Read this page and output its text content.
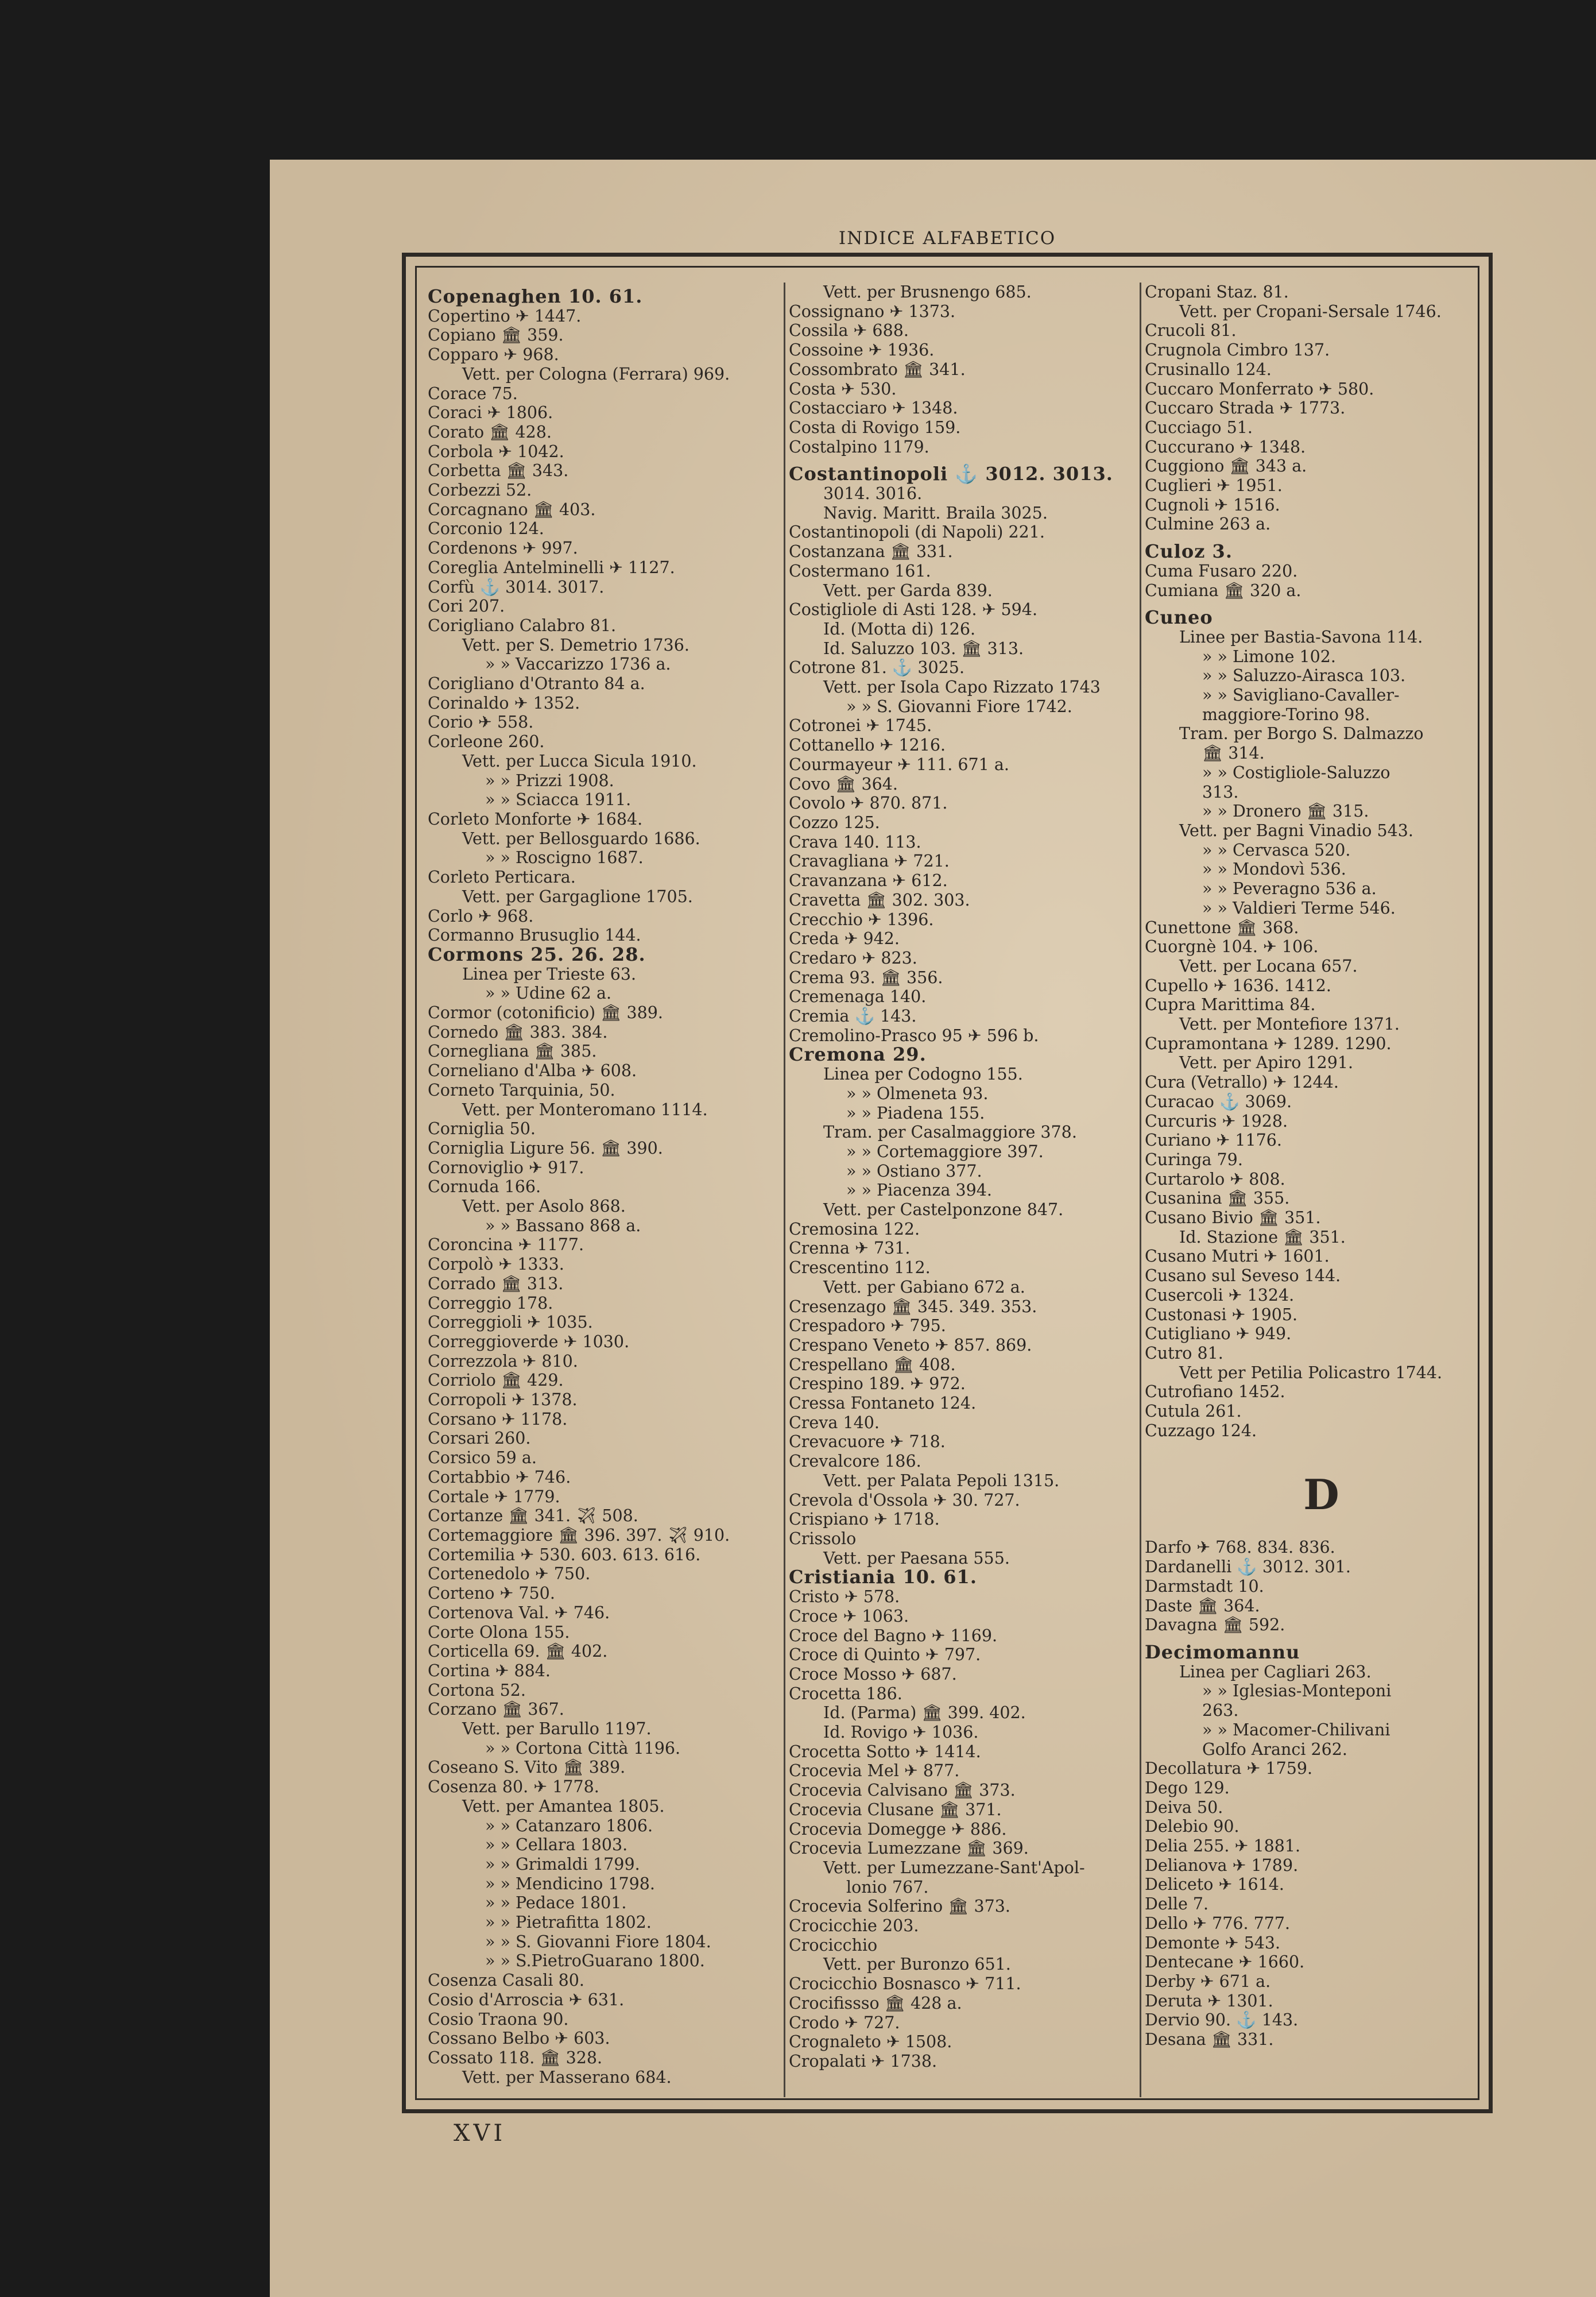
INDICE ALFABETICO
Copenaghen 10. 61.
Copertino ✈ 1447.
Copiano 🏛 359.
Copparo ✈ 968.
Vett. per Cologna (Ferrara) 969.
Corace 75.
Coraci ✈ 1806.
Corato 🏛 428.
Corbola ✈ 1042.
Corbetta 🏛 343.
Corbezzi 52.
Corcagnano 🏛 403.
Corconio 124.
Cordenons ✈ 997.
Coreglia Antelminelli ✈ 1127.
Corfù ⚓ 3014. 3017.
Cori 207.
Corigliano Calabro 81.
Vett. per S. Demetrio 1736.
» » Vaccarizzo 1736 a.
Corigliano d'Otranto 84 a.
Corinaldo ✈ 1352.
Corio ✈ 558.
Corleone 260.
Vett. per Lucca Sicula 1910.
» » Prizzi 1908.
» » Sciacca 1911.
Corleto Monforte ✈ 1684.
Vett. per Bellosguardo 1686.
» » Roscigno 1687.
Corleto Perticara.
Vett. per Gargaglione 1705.
Corlo ✈ 968.
Cormanno Brusuglio 144.
Cormons 25. 26. 28.
Linea per Trieste 63.
» » Udine 62 a.
Cormor (cotonificio) 🏛 389.
Cornedo 🏛 383. 384.
Cornegliana 🏛 385.
Corneliano d'Alba ✈ 608.
Corneto Tarquinia, 50.
Vett. per Monteromano 1114.
Corniglia 50.
Corniglia Ligure 56. 🏛 390.
Cornoviglio ✈ 917.
Cornuda 166.
Vett. per Asolo 868.
» » Bassano 868 a.
Coroncina ✈ 1177.
Corpolò ✈ 1333.
Corrado 🏛 313.
Correggio 178.
Correggioli ✈ 1035.
Correggioverde ✈ 1030.
Correzzola ✈ 810.
Corriolo 🏛 429.
Corropoli ✈ 1378.
Corsano ✈ 1178.
Corsari 260.
Corsico 59 a.
Cortabbio ✈ 746.
Cortale ✈ 1779.
Cortanze 🏛 341. ✈ 508.
Cortemaggiore 🏛 396. 397. ✈ 910.
Cortemilia ✈ 530. 603. 613. 616.
Cortenedolo ✈ 750.
Corteno ✈ 750.
Cortenova Val. ✈ 746.
Corte Olona 155.
Corticella 69. 🏛 402.
Cortina ✈ 884.
Cortona 52.
Corzano 🏛 367.
Vett. per Barullo 1197.
» » Cortona Città 1196.
Coseano S. Vito 🏛 389.
Cosenza 80. ✈ 1778.
Vett. per Amantea 1805.
» » Catanzaro 1806.
» » Cellara 1803.
» » Grimaldi 1799.
» » Mendicino 1798.
» » Pedace 1801.
» » Pietrafitta 1802.
» » S. Giovanni Fiore 1804.
» » S.PietroGuarano 1800.
Cosenza Casali 80.
Cosio d'Arroscia ✈ 631.
Cosio Traona 90.
Cossano Belbo ✈ 603.
Cossato 118. 🏛 328.
Vett. per Masserano 684.
Vett. per Brusnengo 685.
Cossignano ✈ 1373.
Cossila ✈ 688.
Cossoine ✈ 1936.
Cossombrato 🏛 341.
Costa ✈ 530.
Costacciaro ✈ 1348.
Costa di Rovigo 159.
Costalpino 1179.
Costantinopoli ⚓ 3012. 3013.
3014. 3016.
Navig. Maritt. Braila 3025.
Costantinopoli (di Napoli) 221.
Costanzana 🏛 331.
Costermano 161.
Vett. per Garda 839.
Costigliole di Asti 128. ✈ 594.
Id. (Motta di) 126.
Id. Saluzzo 103. 🏛 313.
Cotrone 81. ⚓ 3025.
Vett. per Isola Capo Rizzato 1743
» » S. Giovanni Fiore 1742.
Cotronei ✈ 1745.
Cottanello ✈ 1216.
Courmayeur ✈ 111. 671 a.
Covo 🏛 364.
Covolo ✈ 870. 871.
Cozzo 125.
Crava 140. 113.
Cravagliana ✈ 721.
Cravanzana ✈ 612.
Cravetta 🏛 302. 303.
Crecchio ✈ 1396.
Creda ✈ 942.
Credaro ✈ 823.
Crema 93. 🏛 356.
Cremenaga 140.
Cremia ⚓ 143.
Cremolino-Prasco 95 ✈ 596 b.
Cremona 29.
Linea per Codogno 155.
» » Olmeneta 93.
» » Piadena 155.
Tram. per Casalmaggiore 378.
» » Cortemaggiore 397.
» » Ostiano 377.
» » Piacenza 394.
Vett. per Castelponzone 847.
Cremosina 122.
Crenna ✈ 731.
Crescentino 112.
Vett. per Gabiano 672 a.
Cresenzago 🏛 345. 349. 353.
Crespadoro ✈ 795.
Crespano Veneto ✈ 857. 869.
Crespellano 🏛 408.
Crespino 189. ✈ 972.
Cressa Fontaneto 124.
Creva 140.
Crevacuore ✈ 718.
Crevalcore 186.
Vett. per Palata Pepoli 1315.
Crevola d'Ossola ✈ 30. 727.
Crispiano ✈ 1718.
Crissolo
Vett. per Paesana 555.
Cristiania 10. 61.
Cristo ✈ 578.
Croce ✈ 1063.
Croce del Bagno ✈ 1169.
Croce di Quinto ✈ 797.
Croce Mosso ✈ 687.
Crocetta 186.
Id. (Parma) 🏛 399. 402.
Id. Rovigo ✈ 1036.
Crocetta Sotto ✈ 1414.
Crocevia Mel ✈ 877.
Crocevia Calvisano 🏛 373.
Crocevia Clusane 🏛 371.
Crocevia Domegge ✈ 886.
Crocevia Lumezzane 🏛 369.
Vett. per Lumezzane-Sant'Apol-
lonio 767.
Crocevia Solferino 🏛 373.
Crocicchie 203.
Crocicchio
Vett. per Buronzo 651.
Crocicchio Bosnasco ✈ 711.
Crocifissso 🏛 428 a.
Crodo ✈ 727.
Crognaleto ✈ 1508.
Cropalati ✈ 1738.
Cropani Staz. 81.
Vett. per Cropani-Sersale 1746.
Crucoli 81.
Crugnola Cimbro 137.
Crusinallo 124.
Cuccaro Monferrato ✈ 580.
Cuccaro Strada ✈ 1773.
Cucciago 51.
Cuccurano ✈ 1348.
Cuggiono 🏛 343 a.
Cuglieri ✈ 1951.
Cugnoli ✈ 1516.
Culmine 263 a.
Culoz 3.
Cuma Fusaro 220.
Cumiana 🏛 320 a.
Cuneo
Linee per Bastia-Savona 114.
» » Limone 102.
» » Saluzzo-Airasca 103.
» » Savigliano-Cavaller-
maggiore-Torino 98.
Tram. per Borgo S. Dalmazzo
🏛 314.
» » Costigliole-Saluzzo
313.
» » Dronero 🏛 315.
Vett. per Bagni Vinadio 543.
» » Cervasca 520.
» » Mondovì 536.
» » Peveragno 536 a.
» » Valdieri Terme 546.
Cunettone 🏛 368.
Cuorgnè 104. ✈ 106.
Vett. per Locana 657.
Cupello ✈ 1636. 1412.
Cupra Marittima 84.
Vett. per Montefiore 1371.
Cupramontana ✈ 1289. 1290.
Vett. per Apiro 1291.
Cura (Vetrallo) ✈ 1244.
Curacao ⚓ 3069.
Curcuris ✈ 1928.
Curiano ✈ 1176.
Curinga 79.
Curtarolo ✈ 808.
Cusanina 🏛 355.
Cusano Bivio 🏛 351.
Id. Stazione 🏛 351.
Cusano Mutri ✈ 1601.
Cusano sul Seveso 144.
Cusercoli ✈ 1324.
Custonasi ✈ 1905.
Cutigliano ✈ 949.
Cutro 81.
Vett per Petilia Policastro 1744.
Cutrofiano 1452.
Cutula 261.
Cuzzago 124.
D
Darfo ✈ 768. 834. 836.
Dardanelli ⚓ 3012. 301.
Darmstadt 10.
Daste 🏛 364.
Davagna 🏛 592.
Decimomannu
Linea per Cagliari 263.
» » Iglesias-Monteponi
263.
» » Macomer-Chilivani
Golfo Aranci 262.
Decollatura ✈ 1759.
Dego 129.
Deiva 50.
Delebio 90.
Delia 255. ✈ 1881.
Delianova ✈ 1789.
Deliceto ✈ 1614.
Delle 7.
Dello ✈ 776. 777.
Demonte ✈ 543.
Dentecane ✈ 1660.
Derby ✈ 671 a.
Deruta ✈ 1301.
Dervio 90. ⚓ 143.
Desana 🏛 331.
XVI
